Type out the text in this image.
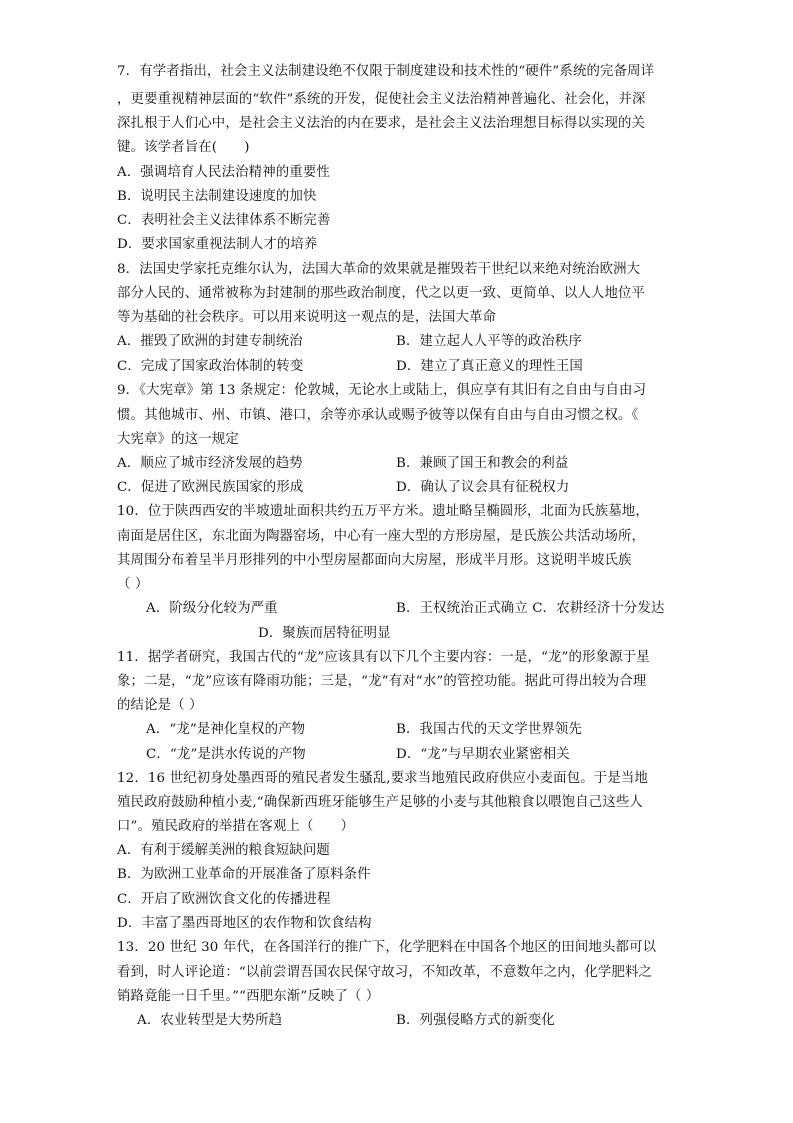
7．有学者指出，社会主义法制建设绝不仅限于制度建设和技术性的“硬件”系统的完备周详
，更要重视精神层面的“软件”系统的开发，促使社会主义法治精神普遍化、社会化，并深
深扎根于人们心中，是社会主义法治的内在要求，是社会主义法治理想目标得以实现的关
键。该学者旨在(　　)
A．强调培育人民法治精神的重要性
B．说明民主法制建设速度的加快
C．表明社会主义法律体系不断完善
D．要求国家重视法制人才的培养
8．法国史学家托克维尔认为，法国大革命的效果就是摧毁若干世纪以来绝对统治欧洲大
部分人民的、通常被称为封建制的那些政治制度，代之以更一致、更简单、以人人地位平
等为基础的社会秩序。可以用来说明这一观点的是，法国大革命
A．摧毁了欧洲的封建专制统治	B．建立起人人平等的政治秩序
C．完成了国家政治体制的转变	D．建立了真正意义的理性王国
9．《大宪章》第 13 条规定：伦敦城，无论水上或陆上，俱应享有其旧有之自由与自由习
惯。其他城市、州、市镇、港口，余等亦承认或赐予彼等以保有自由与自由习惯之权。《
大宪章》的这一规定
A．顺应了城市经济发展的趋势	B．兼顾了国王和教会的利益
C．促进了欧洲民族国家的形成	D．确认了议会具有征税权力
10．位于陕西西安的半坡遗址面积共约五万平方米。遗址略呈椭圆形，北面为氏族墓地，
南面是居住区，东北面为陶器窑场，中心有一座大型的方形房屋，是氏族公共活动场所，
其周围分布着呈半月形排列的中小型房屋都面向大房屋，形成半月形。这说明半坡氏族
（ ）
A．阶级分化较为严重	B．王权统治正式确立 C．农耕经济十分发达
D．聚族而居特征明显
11．据学者研究，我国古代的“龙”应该具有以下几个主要内容：一是，“龙”的形象源于星
象；二是，“龙”应该有降雨功能；三是，“龙”有对“水”的管控功能。据此可得出较为合理
的结论是（ ）
A．“龙”是神化皇权的产物	B．我国古代的天文学世界领先
C．“龙”是洪水传说的产物	D．“龙”与早期农业紧密相关
12．16 世纪初身处墨西哥的殖民者发生骚乱,要求当地殖民政府供应小麦面包。于是当地
殖民政府鼓励种植小麦,“确保新西班牙能够生产足够的小麦与其他粮食以喂饱自己这些人
口”。殖民政府的举措在客观上（　　）
A．有利于缓解美洲的粮食短缺问题
B．为欧洲工业革命的开展准备了原料条件
C．开启了欧洲饮食文化的传播进程
D．丰富了墨西哥地区的农作物和饮食结构
13．20 世纪 30 年代，在各国洋行的推广下，化学肥料在中国各个地区的田间地头都可以
看到，时人评论道：“以前尝谓吾国农民保守故习，不知改革，不意数年之内，化学肥料之
销路竟能一日千里。”“西肥东渐”反映了（ ）
A．农业转型是大势所趋	B．列强侵略方式的新变化
